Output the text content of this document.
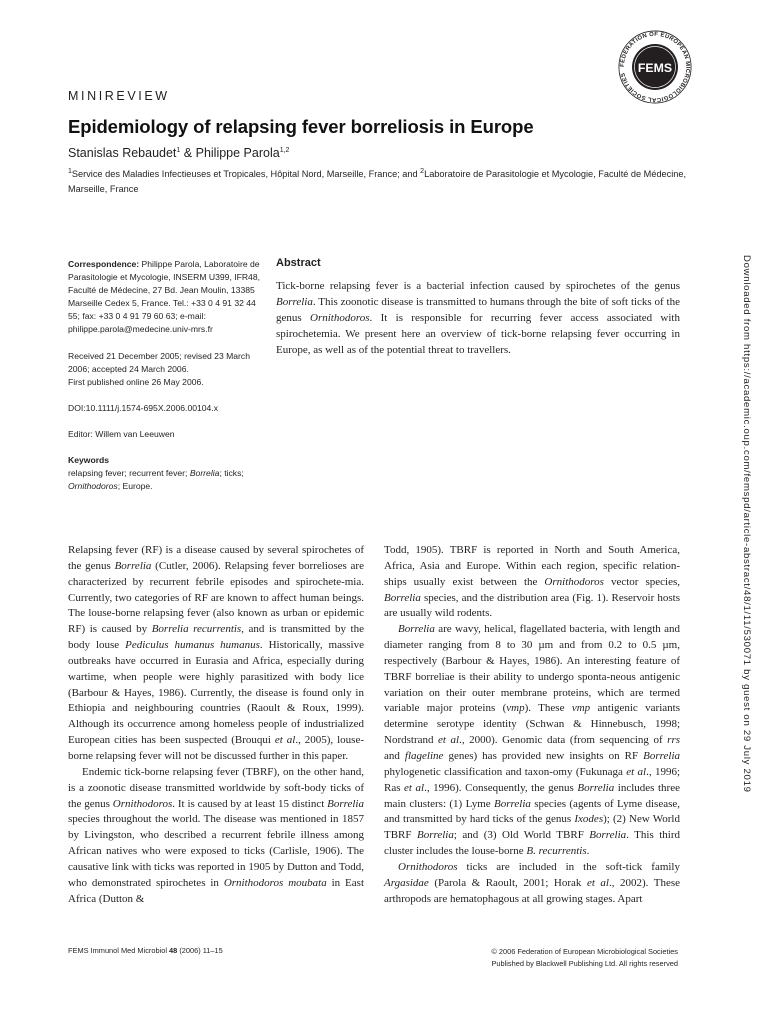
FEDERATION OF EUROPEAN MICROBIOLOGICAL SOCIETIES FEMS
MINIREVIEW
Epidemiology of relapsing fever borreliosis in Europe
Stanislas Rebaudet$^1$ & Philippe Parola$^{1,2}$
$^1$Service des Maladies Infectieuses et Tropicales, Hôpital Nord, Marseille, France; and $^2$Laboratoire de Parasitologie et Mycologie, Faculté de Médecine, Marseille, France

Correspondence: Philippe Parola, Laboratoire de Parasitologie et Mycologie, INSERM U399, IFR48, Faculté de Médecine, 27 Bd. Jean Moulin, 13385 Marseille Cedex 5, France. Tel.: +33 0 4 91 32 44 55; fax: +33 0 4 91 79 60 63; e-mail: philippe.parola@medecine.univ-mrs.fr

Received 21 December 2005; revised 23 March 2006; accepted 24 March 2006.
First published online 26 May 2006.

DOI:10.1111/j.1574-695X.2006.00104.x

Editor: Willem van Leeuwen

Keywords

relapsing fever; recurrent fever; Borrelia; ticks;
Ornithodoros; Europe.

Abstract
Tick-borne relapsing fever is a bacterial infection caused by spirochetes of the genus Borrelia. This zoonotic disease is transmitted to humans through the bite of soft ticks of the genus Ornithodoros. It is responsible for recurring fever access associated with spirochetemia. We present here an overview of tick-borne relapsing fever occurring in Europe, as well as of the potential threat to travellers.

Relapsing fever (RF) is a disease caused by several spirochetes of the genus Borrelia (Cutler, 2006). Relapsing fever borrelioses are characterized by recurrent febrile episodes and spirochete-mia. Currently, two categories of RF are known to affect human beings. The louse-borne relapsing fever (also known as urban or epidemic RF) is caused by Borrelia recurrentis, and is transmitted by the body louse Pediculus humanus humanus. Historically, massive outbreaks have occurred in Eurasia and Africa, especially during wartime, when people were highly parasitized with body lice (Barbour & Hayes, 1986). Currently, the disease is found only in Ethiopia and neighbouring countries (Raoult & Roux, 1999). Although its occurrence among homeless people of industrialized European cities has been suspected (Brouqui et al., 2005), louse-borne relapsing fever will not be discussed further in this paper.

Endemic tick-borne relapsing fever (TBRF), on the other hand, is a zoonotic disease transmitted worldwide by soft-body ticks of the genus Ornithodoros. It is caused by at least 15 distinct Borrelia species throughout the world. The disease was mentioned in 1857 by Livingston, who described a recurrent febrile illness among African natives who were exposed to ticks (Carlisle, 1906). The causative link with ticks was reported in 1905 by Dutton and Todd, who demonstrated spirochetes in Ornithodoros moubata in East Africa (Dutton &

Todd, 1905). TBRF is reported in North and South America, Africa, Asia and Europe. Within each region, specific relation-ships usually exist between the Ornithodoros vector species, Borrelia species, and the distribution area (Fig. 1). Reservoir hosts are usually wild rodents.

Borrelia are wavy, helical, flagellated bacteria, with length and diameter ranging from 8 to 30 µm and from 0.2 to 0.5 µm, respectively (Barbour & Hayes, 1986). An interesting feature of TBRF borreliae is their ability to undergo sponta-neous antigenic variation on their outer membrane proteins, which are termed variable major proteins (vmp). These vmp antigenic variants determine serotype identity (Schwan & Hinnebusch, 1998; Nordstrand et al., 2000). Genomic data (from sequencing of rrs and flageline genes) has provided new insights on RF Borrelia phylogenetic classification and taxon-omy (Fukunaga et al., 1996; Ras et al., 1996). Consequently, the genus Borrelia includes three main clusters: (1) Lyme Borrelia species (agents of Lyme disease, and transmitted by hard ticks of the genus Ixodes); (2) New World TBRF Borrelia; and (3) Old World TBRF Borrelia. This third cluster includes the louse-borne B. recurrentis.

Ornithodoros ticks are included in the soft-tick family Argasidae (Parola & Raoult, 2001; Horak et al., 2002). These arthropods are hematophagous at all growing stages. Apart

FEMS Immunol Med Microbiol 48 (2006) 11–15	© 2006 Federation of European Microbiological Societies
Published by Blackwell Publishing Ltd. All rights reserved
Downloaded from https://academic.oup.com/femspd/article-abstract/48/1/11/530071 by guest on 29 July 2019
